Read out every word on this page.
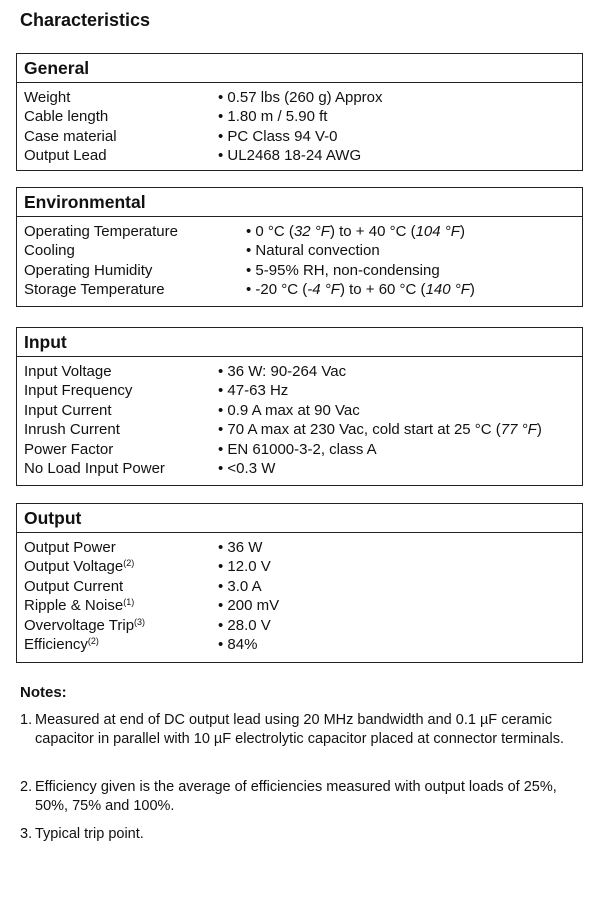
Characteristics
General
Weight	• 0.57 lbs (260 g) Approx
Cable length	• 1.80 m / 5.90 ft
Case material	• PC Class 94 V-0
Output Lead	• UL2468 18-24 AWG
Environmental
Operating Temperature	• 0 °C (32 °F) to + 40 °C (104 °F)
Cooling	• Natural convection
Operating Humidity	• 5-95% RH, non-condensing
Storage Temperature	• -20 °C (-4 °F) to + 60 °C (140 °F)
Input
Input Voltage	• 36 W: 90-264 Vac
Input Frequency	• 47-63 Hz
Input Current	• 0.9 A max at 90 Vac
Inrush Current	• 70 A max at 230 Vac, cold start at 25 °C (77 °F)
Power Factor	• EN 61000-3-2, class A
No Load Input Power	• <0.3 W
Output
Output Power	• 36 W
Output Voltage$^{(2)}$	• 12.0 V
Output Current	• 3.0 A
Ripple & Noise$^{(1)}$	• 200 mV
Overvoltage Trip$^{(3)}$	• 28.0 V
Efficiency$^{(2)}$	• 84%
Notes:
1. Measured at end of DC output lead using 20 MHz bandwidth and 0.1 µF ceramic capacitor in parallel with 10 µF electrolytic capacitor placed at connector terminals.
2. Efficiency given is the average of efficiencies measured with output loads of 25%, 50%, 75% and 100%.
3. Typical trip point.
